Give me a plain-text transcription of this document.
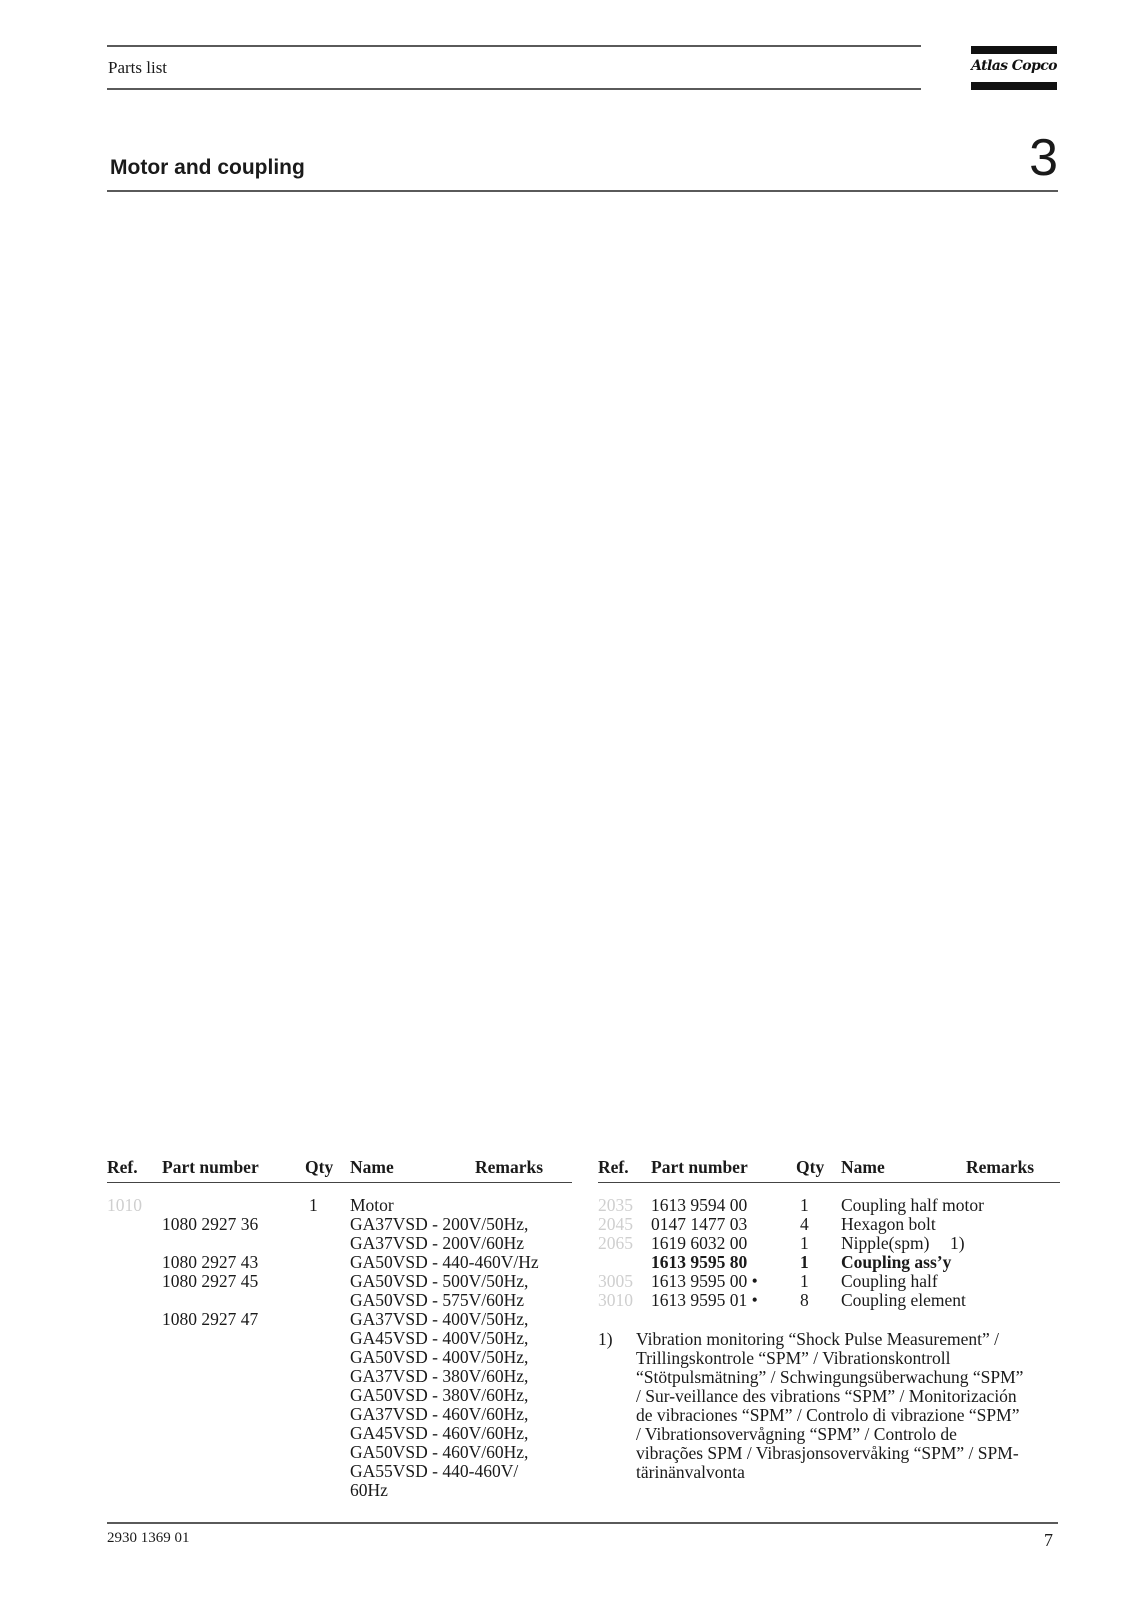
Parts list	Atlas Copco
Motor and coupling	3
Ref. Part number	Qty Name	Remarks
1010	1 Motor
1080 2927 36	GA37VSD - 200V/50Hz,
GA37VSD - 200V/60Hz
1080 2927 43	GA50VSD - 440-460V/Hz
1080 2927 45	GA50VSD - 500V/50Hz,
GA50VSD - 575V/60Hz
1080 2927 47	GA37VSD - 400V/50Hz,
GA45VSD - 400V/50Hz,
GA50VSD - 400V/50Hz,
GA37VSD - 380V/60Hz,
GA50VSD - 380V/60Hz,
GA37VSD - 460V/60Hz,
GA45VSD - 460V/60Hz,
GA50VSD - 460V/60Hz,
GA55VSD - 440-460V/
60Hz
Ref. Part number	Qty Name	Remarks
2035 1613 9594 00	1 Coupling half motor
2045 0147 1477 03	4 Hexagon bolt
2065 1619 6032 00	1 Nipple(spm) 1)
1613 9595 80	1 Coupling ass’y
3005 1613 9595 00 • 1 Coupling half
3010 1613 9595 01 • 8 Coupling element
1) Vibration monitoring “Shock Pulse Measurement” /
Trillingskontrole “SPM” / Vibrationskontroll
“Stötpulsmätning” / Schwingungsüberwachung “SPM”
/ Sur-veillance des vibrations “SPM” / Monitorización
de vibraciones “SPM” / Controlo di vibrazione “SPM”
/ Vibrationsovervågning “SPM” / Controlo de
vibrações SPM / Vibrasjonsovervåking “SPM” / SPM-
tärinänvalvonta
2930 1369 01	7
